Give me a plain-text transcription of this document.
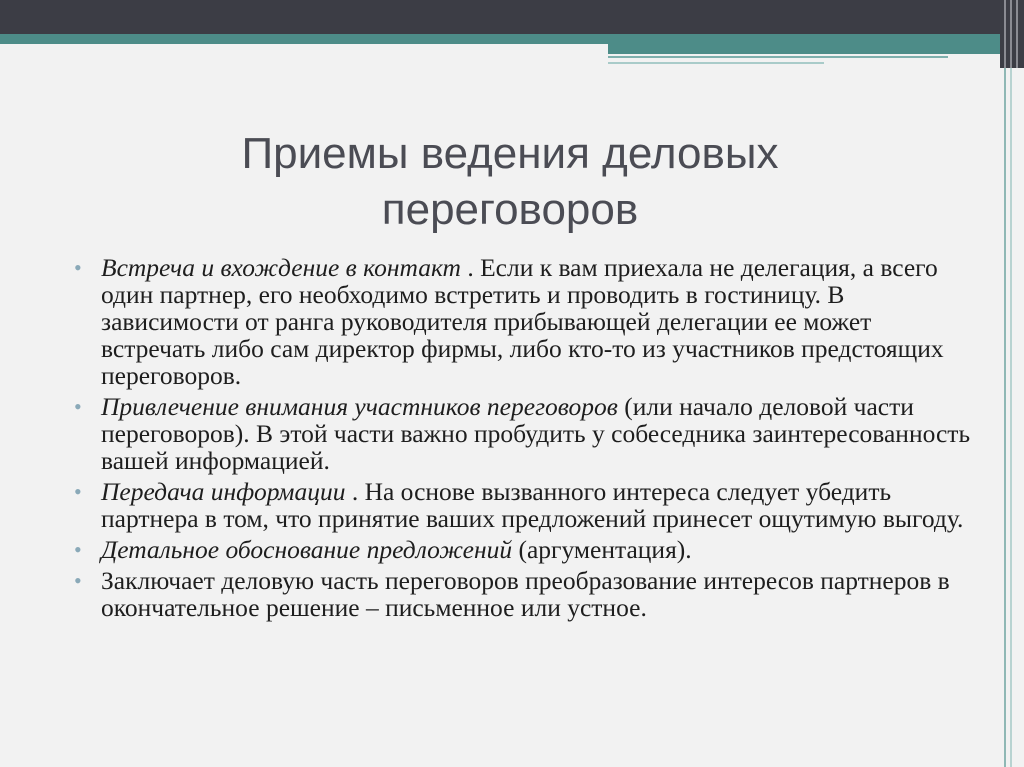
Приемы ведения деловых переговоров
• Встреча и вхождение в контакт . Если к вам приехала не делегация, а всего один партнер, его необходимо встретить и проводить в гостиницу. В зависимости от ранга руководителя прибывающей делегации ее может встречать либо сам директор фирмы, либо кто-то из участников предстоящих переговоров.
• Привлечение внимания участников переговоров (или начало деловой части переговоров). В этой части важно пробудить у собеседника заинтересованность вашей информацией.
• Передача информации . На основе вызванного интереса следует убедить партнера в том, что принятие ваших предложений принесет ощутимую выгоду.
• Детальное обоснование предложений (аргументация).
• Заключает деловую часть переговоров преобразование интересов партнеров в окончательное решение – письменное или устное.
